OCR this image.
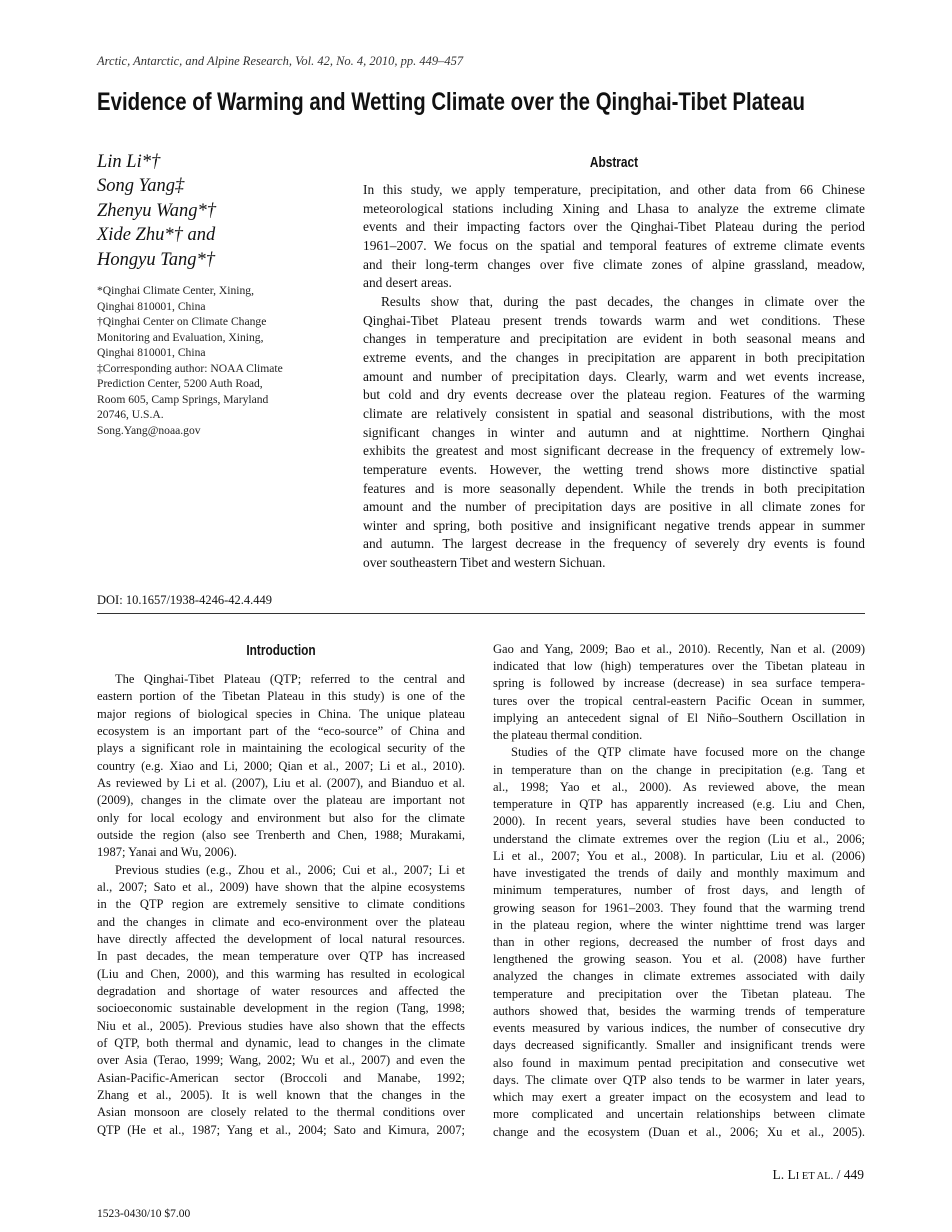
Arctic, Antarctic, and Alpine Research, Vol. 42, No. 4, 2010, pp. 449–457
Evidence of Warming and Wetting Climate over the Qinghai-Tibet Plateau
Lin Li*†
Song Yang‡
Zhenyu Wang*†
Xide Zhu*† and
Hongyu Tang*†
*Qinghai Climate Center, Xining,
Qinghai 810001, China
†Qinghai Center on Climate Change
Monitoring and Evaluation, Xining,
Qinghai 810001, China
‡Corresponding author: NOAA Climate
Prediction Center, 5200 Auth Road,
Room 605, Camp Springs, Maryland
20746, U.S.A.
Song.Yang@noaa.gov
Abstract
In this study, we apply temperature, precipitation, and other data from 66 Chinese
meteorological stations including Xining and Lhasa to analyze the extreme climate
events and their impacting factors over the Qinghai-Tibet Plateau during the period
1961–2007. We focus on the spatial and temporal features of extreme climate events
and their long-term changes over five climate zones of alpine grassland, meadow,
and desert areas.
Results show that, during the past decades, the changes in climate over the
Qinghai-Tibet Plateau present trends towards warm and wet conditions. These
changes in temperature and precipitation are evident in both seasonal means and
extreme events, and the changes in precipitation are apparent in both precipitation
amount and number of precipitation days. Clearly, warm and wet events increase,
but cold and dry events decrease over the plateau region. Features of the warming
climate are relatively consistent in spatial and seasonal distributions, with the most
significant changes in winter and autumn and at nighttime. Northern Qinghai
exhibits the greatest and most significant decrease in the frequency of extremely low-
temperature events. However, the wetting trend shows more distinctive spatial
features and is more seasonally dependent. While the trends in both precipitation
amount and the number of precipitation days are positive in all climate zones for
winter and spring, both positive and insignificant negative trends appear in summer
and autumn. The largest decrease in the frequency of severely dry events is found
over southeastern Tibet and western Sichuan.
DOI: 10.1657/1938-4246-42.4.449
Introduction
The Qinghai-Tibet Plateau (QTP; referred to the central and
eastern portion of the Tibetan Plateau in this study) is one of the
major regions of biological species in China. The unique plateau
ecosystem is an important part of the “eco-source” of China and
plays a significant role in maintaining the ecological security of the
country (e.g. Xiao and Li, 2000; Qian et al., 2007; Li et al., 2010).
As reviewed by Li et al. (2007), Liu et al. (2007), and Bianduo et al.
(2009), changes in the climate over the plateau are important not
only for local ecology and environment but also for the climate
outside the region (also see Trenberth and Chen, 1988; Murakami,
1987; Yanai and Wu, 2006).
Previous studies (e.g., Zhou et al., 2006; Cui et al., 2007; Li et
al., 2007; Sato et al., 2009) have shown that the alpine ecosystems
in the QTP region are extremely sensitive to climate conditions
and the changes in climate and eco-environment over the plateau
have directly affected the development of local natural resources.
In past decades, the mean temperature over QTP has increased
(Liu and Chen, 2000), and this warming has resulted in ecological
degradation and shortage of water resources and affected the
socioeconomic sustainable development in the region (Tang, 1998;
Niu et al., 2005). Previous studies have also shown that the effects
of QTP, both thermal and dynamic, lead to changes in the climate
over Asia (Terao, 1999; Wang, 2002; Wu et al., 2007) and even the
Asian-Pacific-American sector (Broccoli and Manabe, 1992;
Zhang et al., 2005). It is well known that the changes in the
Asian monsoon are closely related to the thermal conditions over
QTP (He et al., 1987; Yang et al., 2004; Sato and Kimura, 2007;
Gao and Yang, 2009; Bao et al., 2010). Recently, Nan et al. (2009)
indicated that low (high) temperatures over the Tibetan plateau in
spring is followed by increase (decrease) in sea surface tempera-
tures over the tropical central-eastern Pacific Ocean in summer,
implying an antecedent signal of El Niño–Southern Oscillation in
the plateau thermal condition.
Studies of the QTP climate have focused more on the change
in temperature than on the change in precipitation (e.g. Tang et
al., 1998; Yao et al., 2000). As reviewed above, the mean
temperature in QTP has apparently increased (e.g. Liu and Chen,
2000). In recent years, several studies have been conducted to
understand the climate extremes over the region (Liu et al., 2006;
Li et al., 2007; You et al., 2008). In particular, Liu et al. (2006)
have investigated the trends of daily and monthly maximum and
minimum temperatures, number of frost days, and length of
growing season for 1961–2003. They found that the warming trend
in the plateau region, where the winter nighttime trend was larger
than in other regions, decreased the number of frost days and
lengthened the growing season. You et al. (2008) have further
analyzed the changes in climate extremes associated with daily
temperature and precipitation over the Tibetan plateau. The
authors showed that, besides the warming trends of temperature
events measured by various indices, the number of consecutive dry
days decreased significantly. Smaller and insignificant trends were
also found in maximum pentad precipitation and consecutive wet
days. The climate over QTP also tends to be warmer in later years,
which may exert a greater impact on the ecosystem and lead to
more complicated and uncertain relationships between climate
change and the ecosystem (Duan et al., 2006; Xu et al., 2005).
L. LI ET AL. / 449
1523-0430/10 $7.00
